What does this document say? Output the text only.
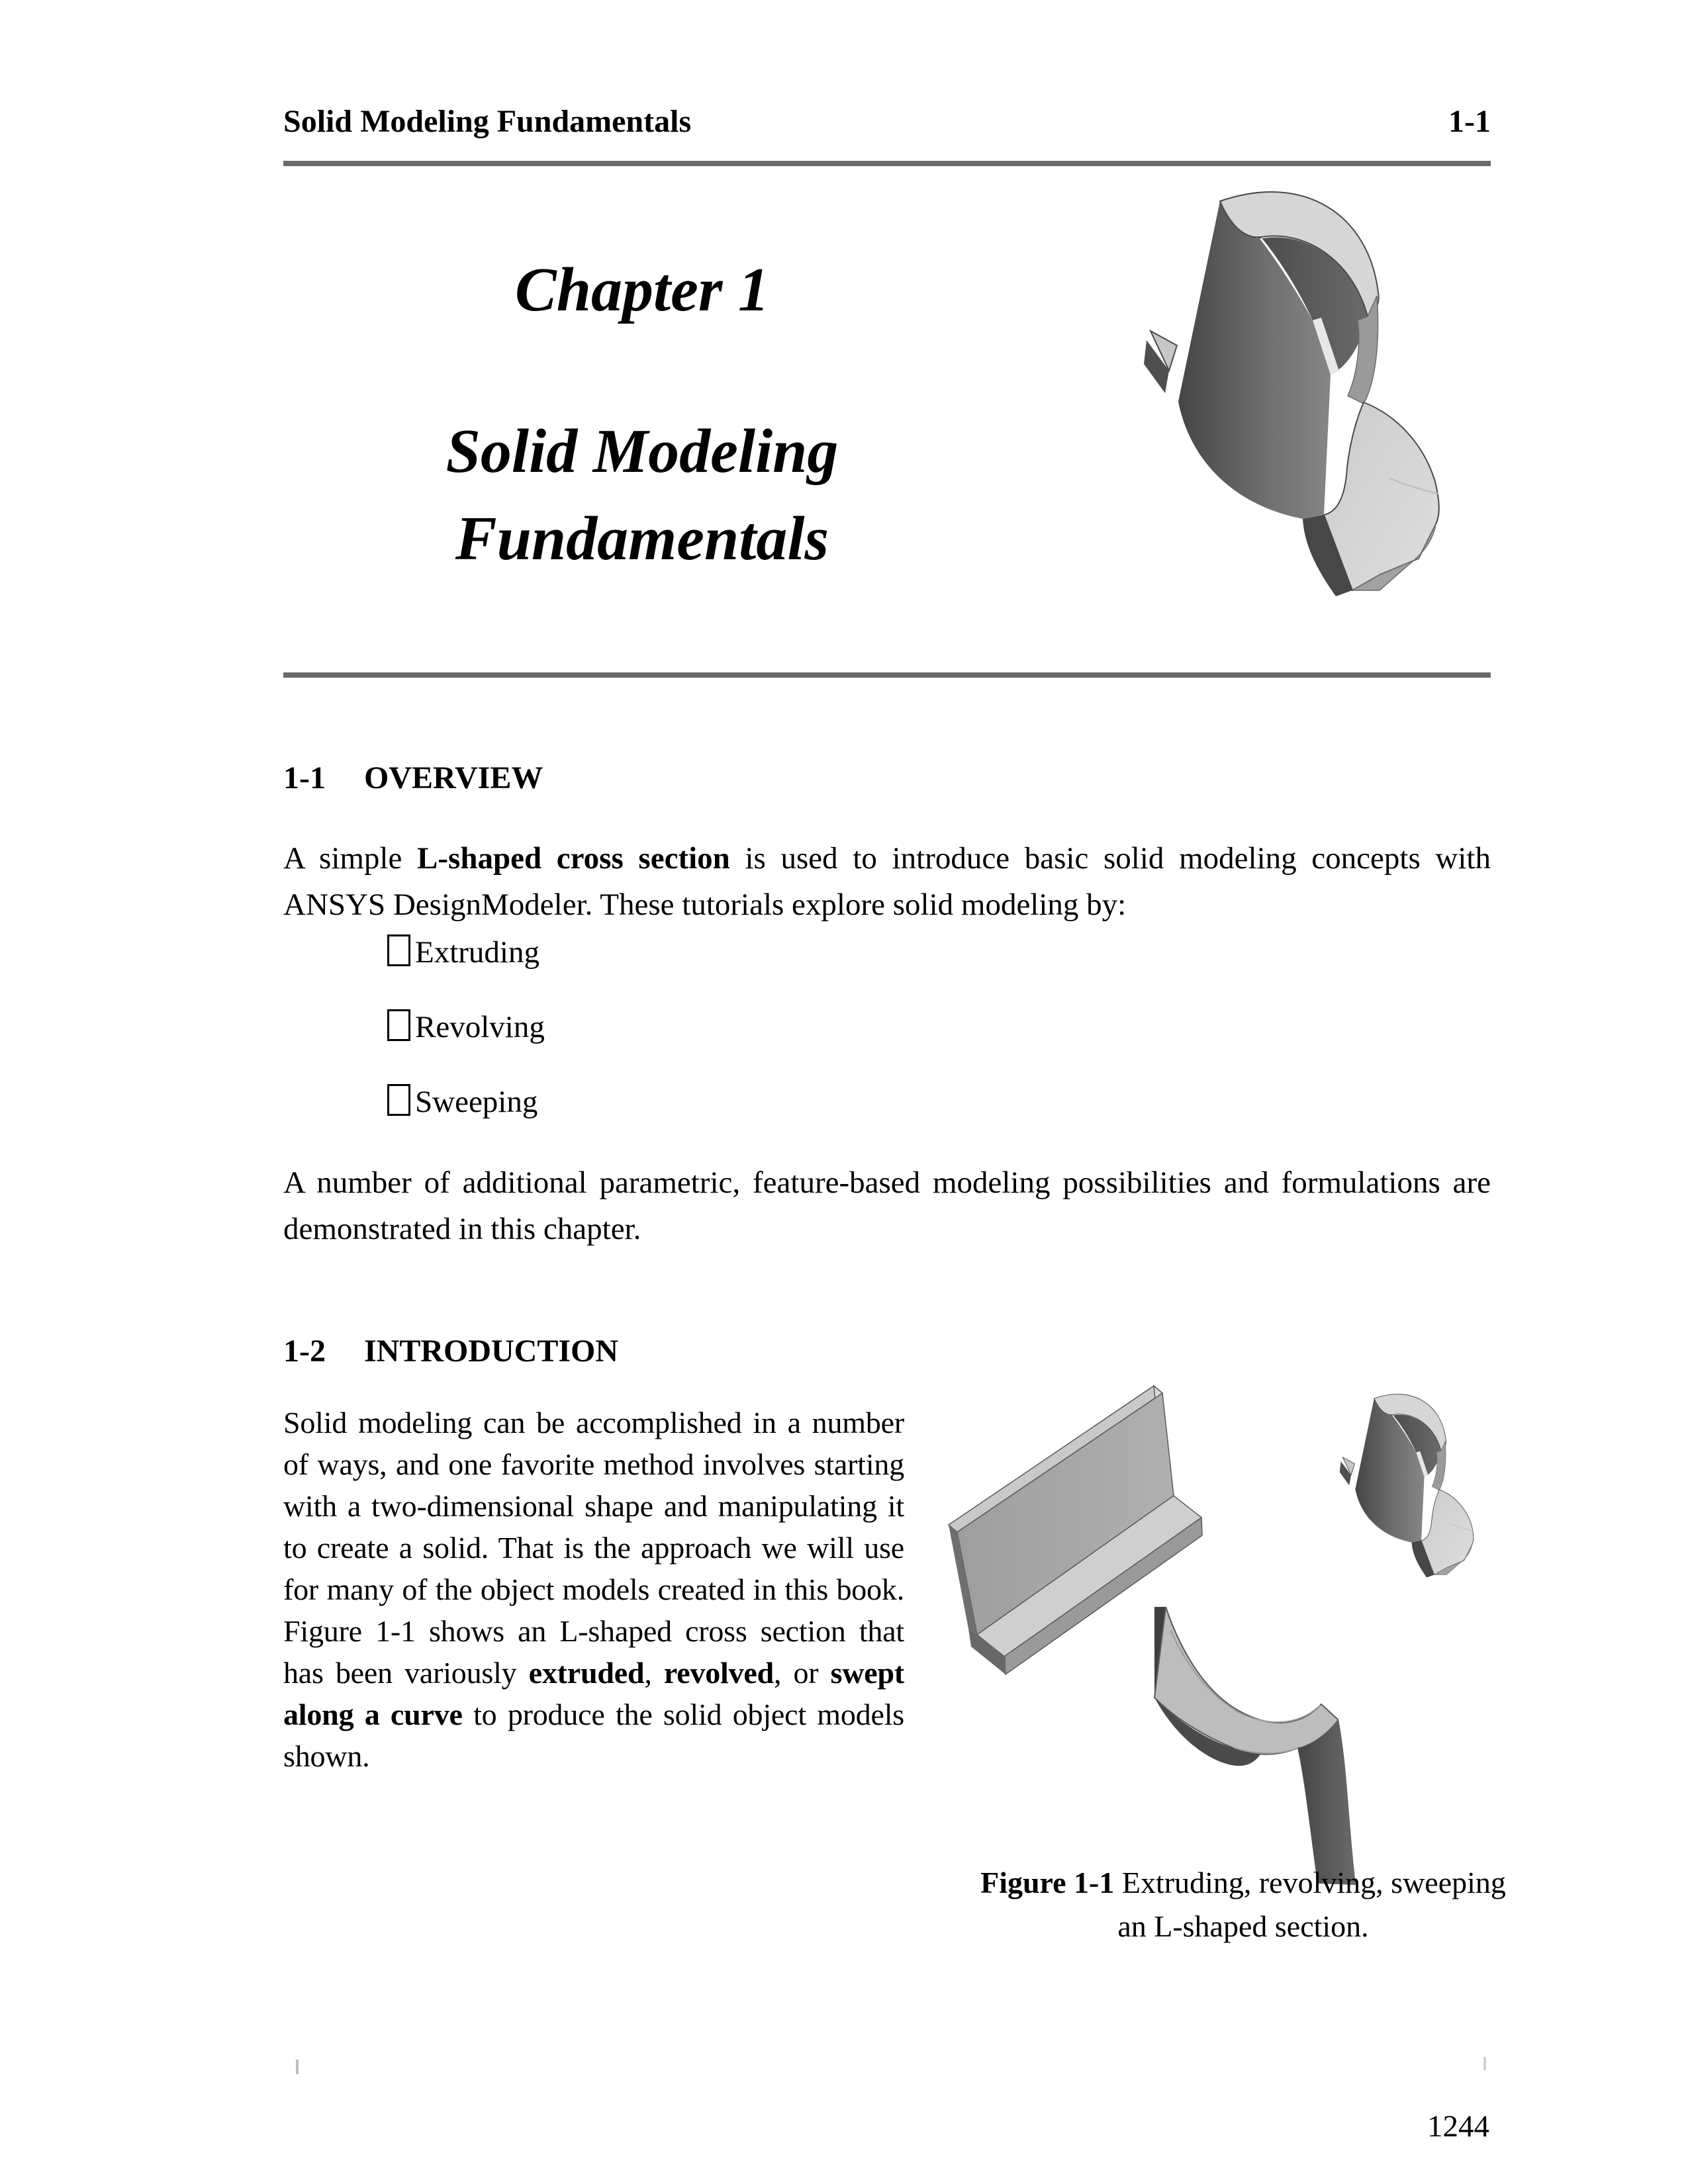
Solid Modeling Fundamentals	1-1
Chapter 1
Solid Modeling
Fundamentals
1-1 OVERVIEW
A simple L-shaped cross section is used to introduce basic solid modeling concepts with ANSYS DesignModeler. These tutorials explore solid modeling by:
Extruding
Revolving
Sweeping
A number of additional parametric, feature-based modeling possibilities and formulations are demonstrated in this chapter.
1-2 INTRODUCTION
Solid modeling can be accomplished in a number of ways, and one favorite method involves starting with a two-dimensional shape and manipulating it to create a solid. That is the approach we will use for many of the object models created in this book. Figure 1-1 shows an L-shaped cross section that has been variously extruded, revolved, or swept along a curve to produce the solid object models shown.
Figure 1-1 Extruding, revolving, sweeping an L-shaped section.
1244
